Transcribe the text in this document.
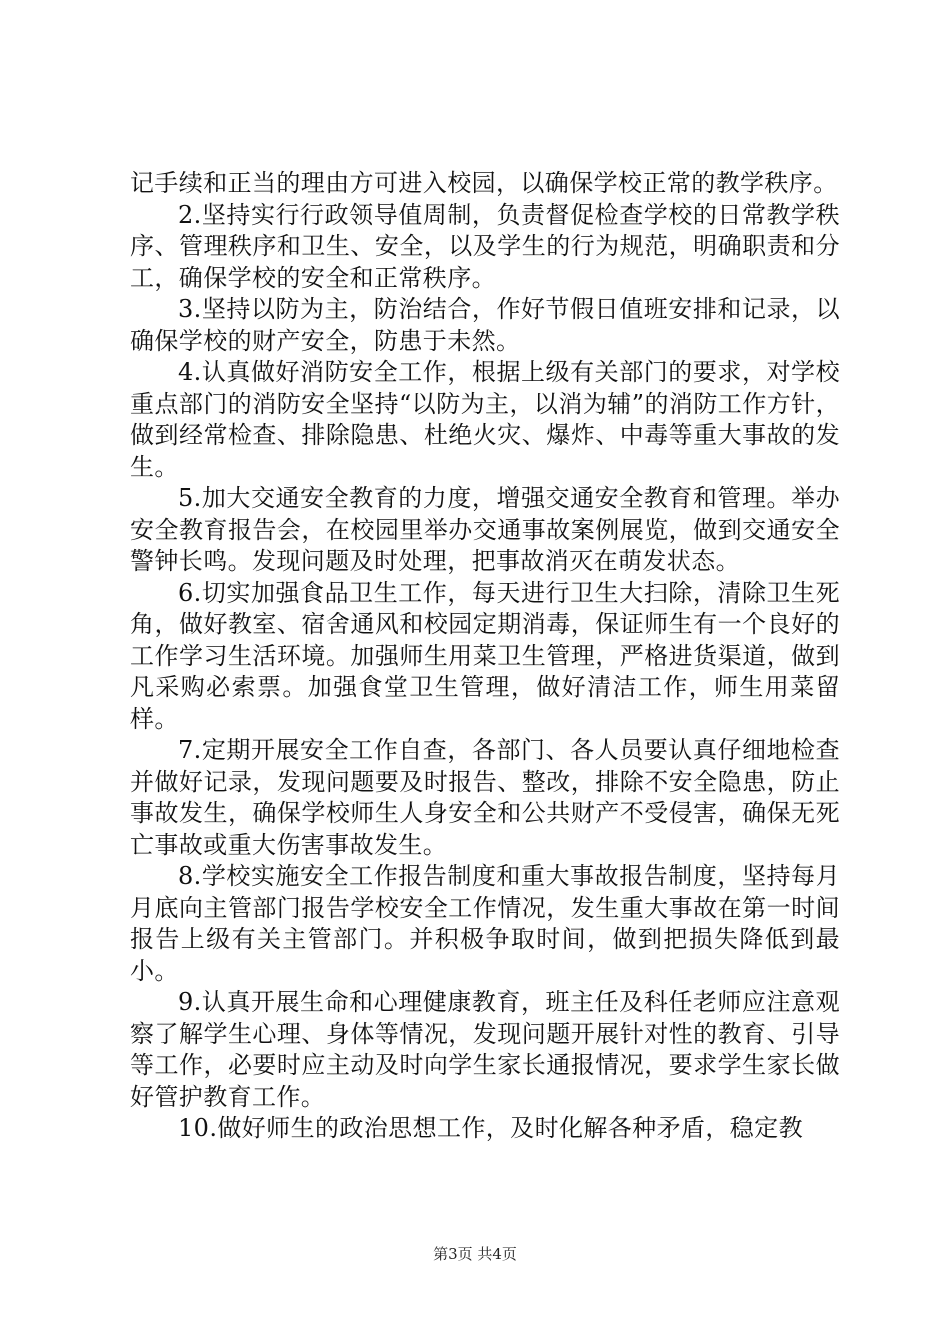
记手续和正当的理由方可进入校园，以确保学校正常的教学秩序。

2.坚持实行行政领导值周制，负责督促检查学校的日常教学秩序、管理秩序和卫生、安全，以及学生的行为规范，明确职责和分工，确保学校的安全和正常秩序。

3.坚持以防为主，防治结合，作好节假日值班安排和记录，以确保学校的财产安全，防患于未然。

4.认真做好消防安全工作，根据上级有关部门的要求，对学校重点部门的消防安全坚持“以防为主，以消为辅”的消防工作方针，做到经常检查、排除隐患、杜绝火灾、爆炸、中毒等重大事故的发生。

5.加大交通安全教育的力度，增强交通安全教育和管理。举办安全教育报告会，在校园里举办交通事故案例展览，做到交通安全警钟长鸣。发现问题及时处理，把事故消灭在萌发状态。

6.切实加强食品卫生工作，每天进行卫生大扫除，清除卫生死角，做好教室、宿舍通风和校园定期消毒，保证师生有一个良好的工作学习生活环境。加强师生用菜卫生管理，严格进货渠道，做到凡采购必索票。加强食堂卫生管理，做好清洁工作，师生用菜留样。

7.定期开展安全工作自查，各部门、各人员要认真仔细地检查并做好记录，发现问题要及时报告、整改，排除不安全隐患，防止事故发生，确保学校师生人身安全和公共财产不受侵害，确保无死亡事故或重大伤害事故发生。

8.学校实施安全工作报告制度和重大事故报告制度，坚持每月月底向主管部门报告学校安全工作情况，发生重大事故在第一时间报告上级有关主管部门。并积极争取时间，做到把损失降低到最小。

9.认真开展生命和心理健康教育，班主任及科任老师应注意观察了解学生心理、身体等情况，发现问题开展针对性的教育、引导等工作，必要时应主动及时向学生家长通报情况，要求学生家长做好管护教育工作。

10.做好师生的政治思想工作，及时化解各种矛盾，稳定教

第3页 共4页
